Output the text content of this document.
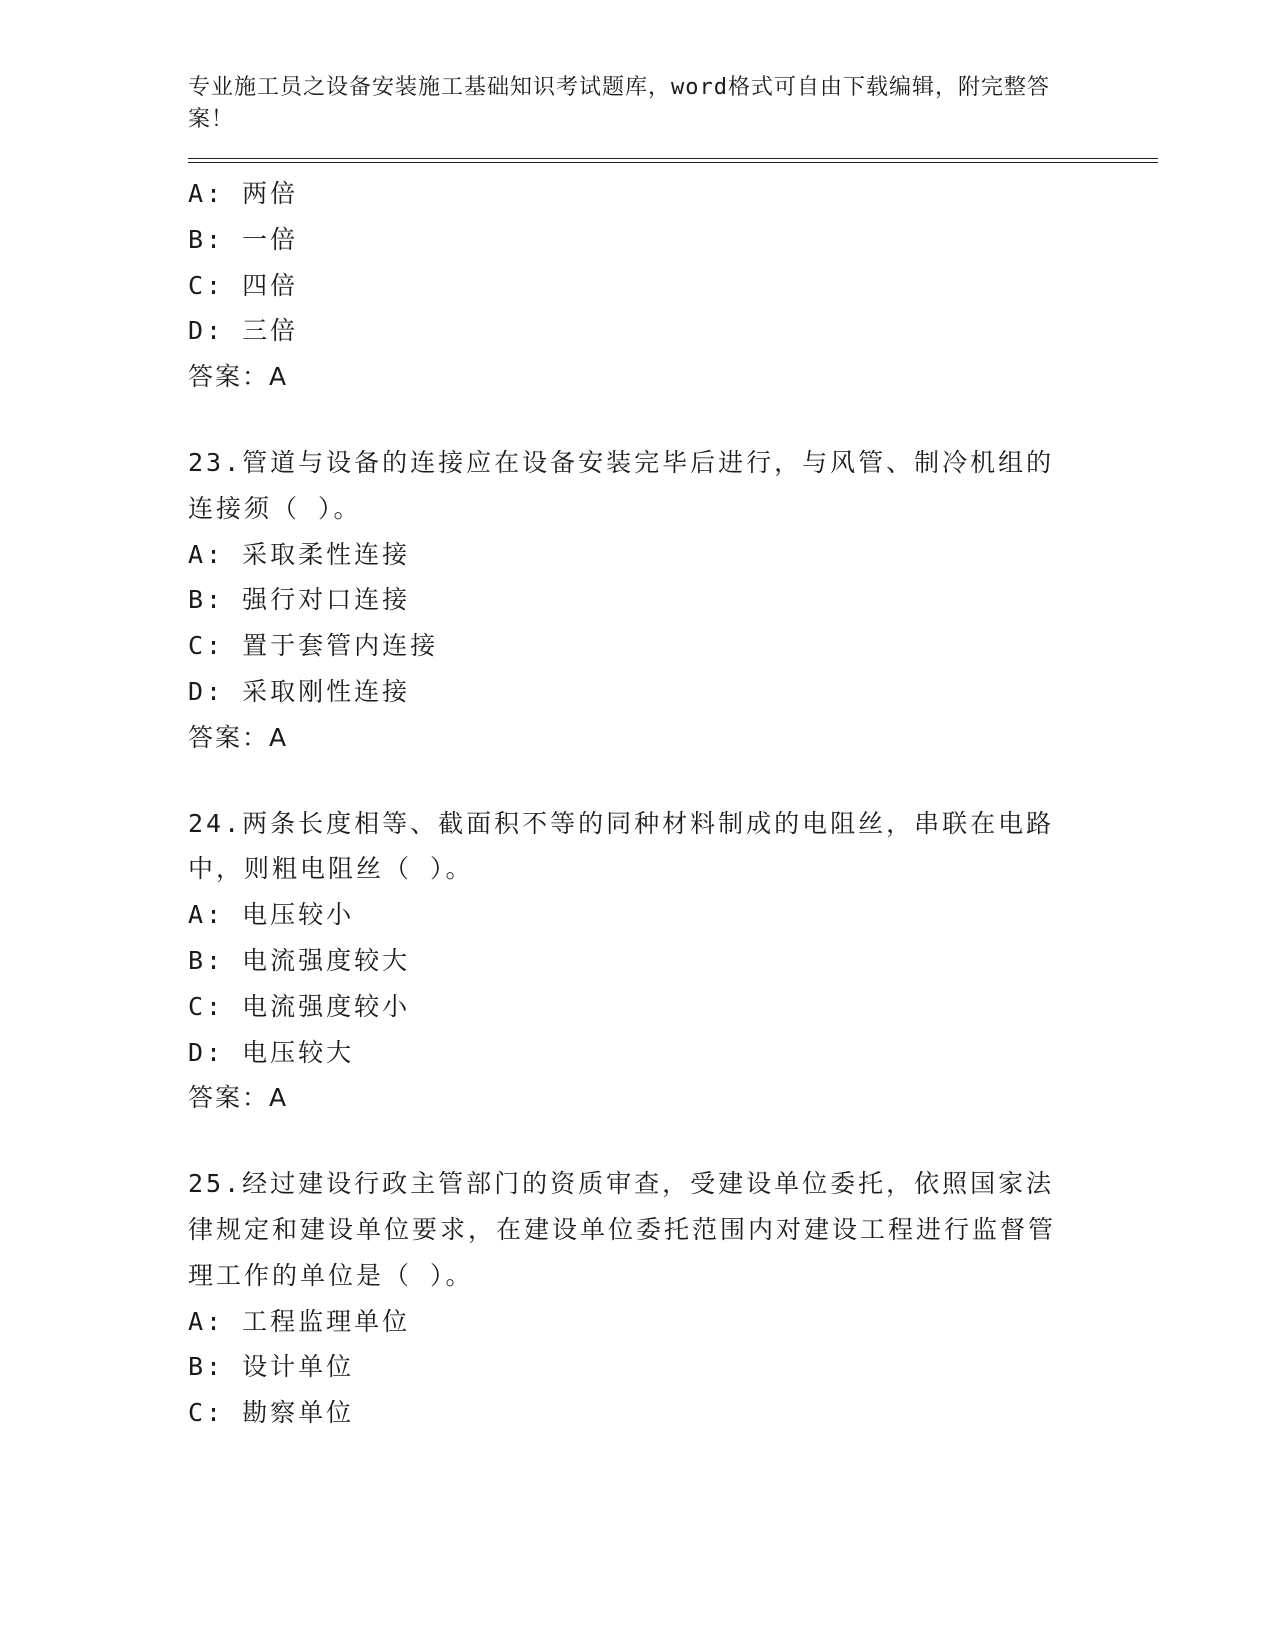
专业施工员之设备安装施工基础知识考试题库，word格式可自由下载编辑，附完整答案！
A: 两倍
B: 一倍
C: 四倍
D: 三倍
答案：A
23.管道与设备的连接应在设备安装完毕后进行，与风管、制冷机组的连接须（ ）。
A: 采取柔性连接
B: 强行对口连接
C: 置于套管内连接
D: 采取刚性连接
答案：A
24.两条长度相等、截面积不等的同种材料制成的电阻丝，串联在电路中，则粗电阻丝（ ）。
A: 电压较小
B: 电流强度较大
C: 电流强度较小
D: 电压较大
答案：A
25.经过建设行政主管部门的资质审查，受建设单位委托，依照国家法律规定和建设单位要求，在建设单位委托范围内对建设工程进行监督管理工作的单位是（ ）。
A: 工程监理单位
B: 设计单位
C: 勘察单位
